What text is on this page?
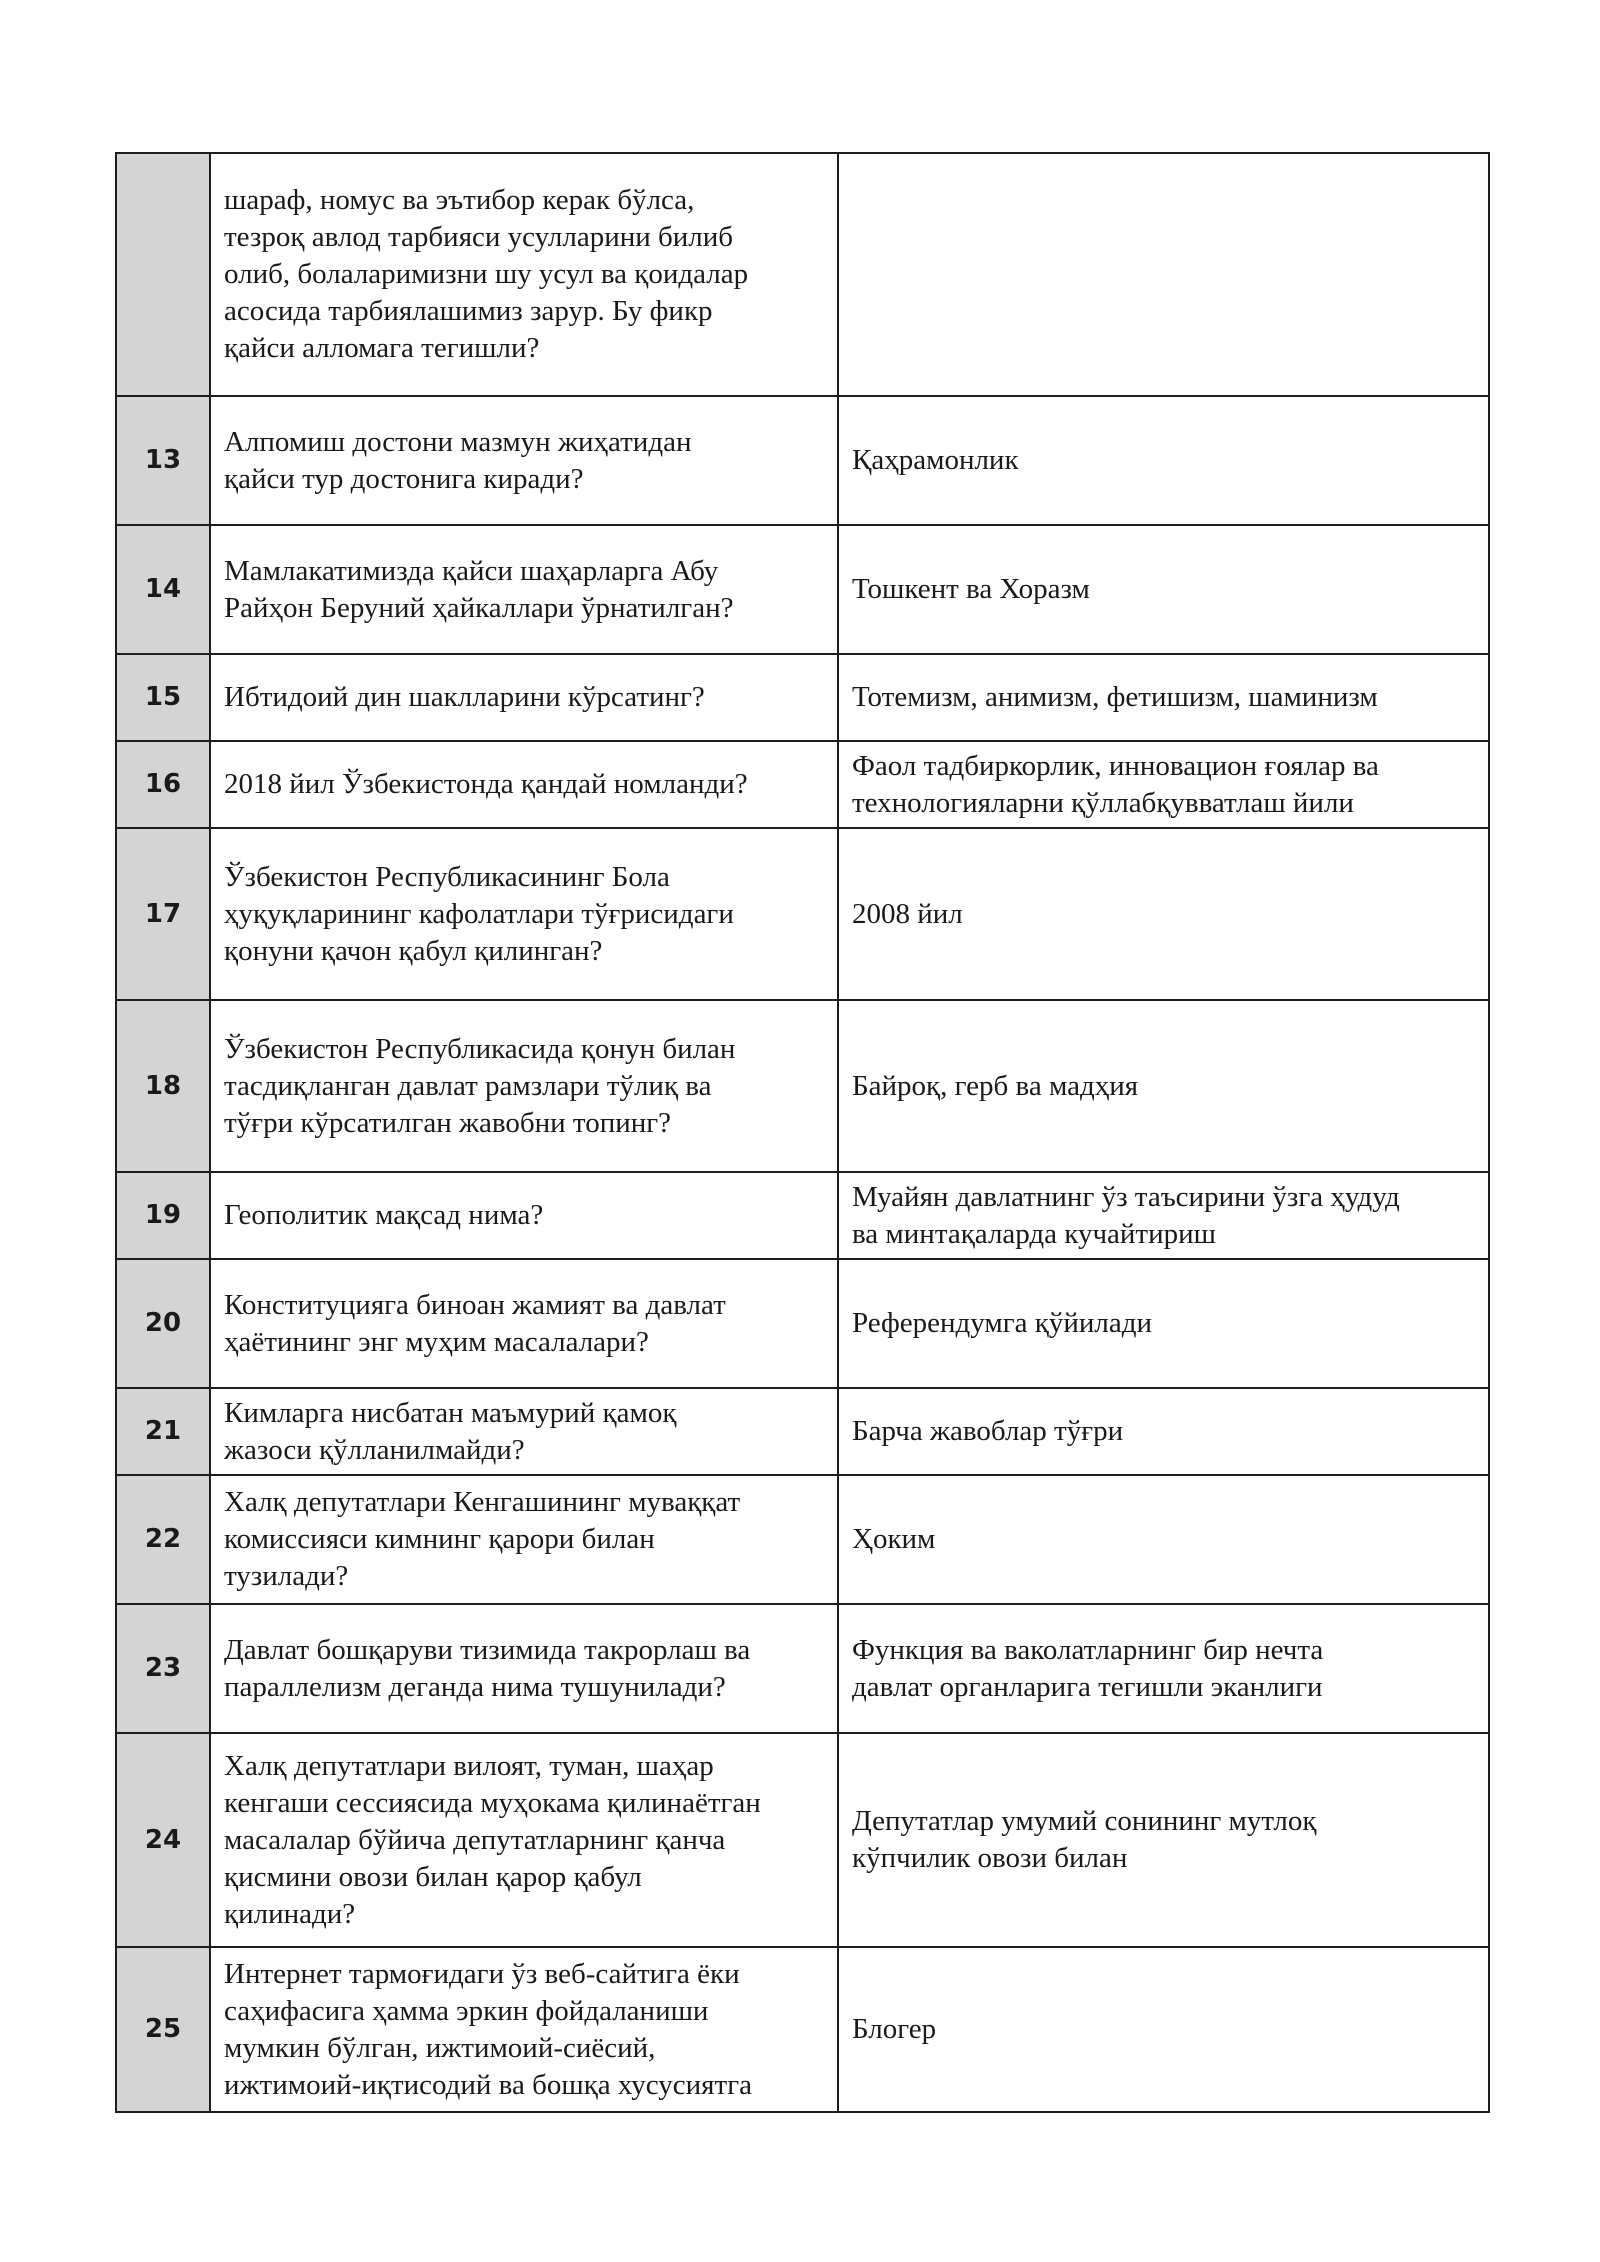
	шараф, номус ва эътибор керак бўлса,
тезроқ авлод тарбияси усулларини билиб
олиб, болаларимизни шу усул ва қоидалар
асосида тарбиялашимиз зарур. Бу фикр
қайси алломага тегишли?	

13	Алпомиш достони мазмун жиҳатидан
қайси тур достонига киради?	Қаҳрамонлик

14	Мамлакатимизда қайси шаҳарларга Абу
Райҳон Беруний ҳайкаллари ўрнатилган?	Тошкент ва Хоразм

15	Ибтидоий дин шаклларини кўрсатинг?	Тотемизм, анимизм, фетишизм, шаминизм

16	2018 йил Ўзбекистонда қандай номланди?	Фаол тадбиркорлик, инновацион ғоялар ва
технологияларни қўллабқувватлаш йили

17	Ўзбекистон Республикасининг Бола
ҳуқуқларининг кафолатлари тўғрисидаги
қонуни қачон қабул қилинган?	2008 йил

18	Ўзбекистон Республикасида қонун билан
тасдиқланган давлат рамзлари тўлиқ ва
тўғри кўрсатилган жавобни топинг?	Байроқ, герб ва мадҳия

19	Геополитик мақсад нима?	Муайян давлатнинг ўз таъсирини ўзга ҳудуд
ва минтақаларда кучайтириш

20	Конституцияга биноан жамият ва давлат
ҳаётининг энг муҳим масалалари?	Референдумга қўйилади

21	Кимларга нисбатан маъмурий қамоқ
жазоси қўлланилмайди?	Барча жавоблар тўғри

22	Халқ депутатлари Кенгашининг муваққат
комиссияси кимнинг қарори билан
тузилади?	Ҳоким

23	Давлат бошқаруви тизимида такрорлаш ва
параллелизм деганда нима тушунилади?	Функция ва ваколатларнинг бир нечта
давлат органларига тегишли эканлиги

24	Халқ депутатлари вилоят, туман, шаҳар
кенгаши сессиясида муҳокама қилинаётган
масалалар бўйича депутатларнинг қанча
қисмини овози билан қарор қабул
қилинади?	Депутатлар умумий сонининг мутлоқ
кўпчилик овози билан

25	Интернет тармоғидаги ўз веб-сайтига ёки
саҳифасига ҳамма эркин фойдаланиши
мумкин бўлган, ижтимоий-сиёсий,
ижтимоий-иқтисодий ва бошқа хусусиятга	Блогер
